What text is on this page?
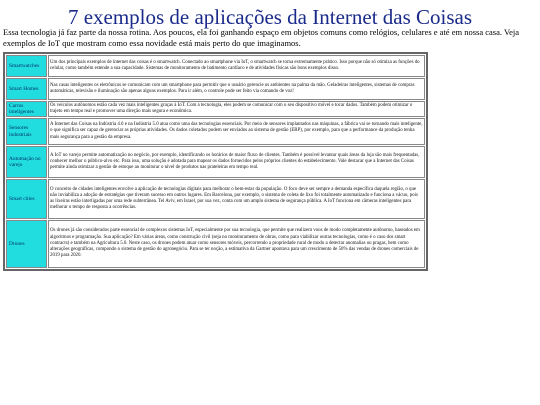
7 exemplos de aplicações da Internet das Coisas
Essa tecnologia já faz parte da nossa rotina. Aos poucos, ela foi ganhando espaço em objetos comuns como relógios, celulares e até em nossa casa. Veja exemplos de IoT que mostram como essa novidade está mais perto do que imaginamos.
Smartwatches	Um dos principais exemplos de internet das coisas é o smartwatch. Conectado ao smartphone via IoT, o smartwatch se torna extremamente prático. Isso porque não só otimiza as funções do celular, como também estende a sua capacidade. Sistemas de monitoramento de batimento cardíaco e de atividades físicas são bons exemplos disso.
Smart Homes	Nas casas inteligentes os eletrônicos se comunicam com um smartphone para permitir que o usuário gerencie os ambientes na palma da mão. Geladeiras inteligentes, sistemas de compras automáticas, televisão e iluminação são apenas alguns exemplos. Para ir além, o controle pode ser feito via comando de voz!
Carros inteligentes	Os veículos autônomos estão cada vez mais inteligentes graças à IoT. Com a tecnologia, eles podem se comunicar com o seu dispositivo móvel e tocar dados. Também podem otimizar o trajeto em tempo real e promover uma direção mais segura e econômica.
Sensores industriais	A Internet das Coisas na Indústria 4.0 e na Indústria 5.0 atua como uma das tecnologias essenciais. Por meio de sensores implantados nas máquinas, a fábrica vai se tornando mais inteligente, o que significa ser capaz de gerenciar as próprias atividades. Os dados coletados podem ser enviados ao sistema de gestão (ERP), por exemplo, para que a performance da produção tenha mais segurança para a gestão da empresa.
Automação no varejo	A IoT no varejo permite automatização no negócio, por exemplo, identificando os horários de maior fluxo de clientes. Também é possível levantar quais áreas da loja são mais frequentadas, conhecer melhor o público-alvo etc. Para isso, uma solução é adotada para mapear os dados fornecidos pelos próprios clientes do estabelecimento. Vale destacar que a Internet das Coisas permite ainda otimizar a gestão de estoque ao monitorar o nível de produtos nas prateleiras em tempo real.
Smart cities	O conceito de cidades inteligentes envolve a aplicação de tecnologias digitais para melhorar o bem-estar da população. O foco deve ser sempre a demanda específica daquela região, o que não inviabiliza a adoção de estratégias que tiveram sucesso em outros lugares. Em Barcelona, por exemplo, o sistema de coleta de lixo foi totalmente automatizado e funciona a vácuo, pois as lixeiras estão interligadas por uma rede subterrânea. Tel Aviv, em Israel, por sua vez, conta com um amplo sistema de segurança pública. A IoT funciona em câmeras inteligentes para melhorar o tempo de resposta a ocorrências.
Drones	Os drones já são considerados parte essencial de complexos sistemas IoT, especialmente por sua tecnologia, que permite que realizem voos de modo completamente autônomo, baseados em algoritmos e programação. Sua aplicação? Em várias áreas, como construção civil (seja no monitoramento de obras, como para viabilizar outras tecnologias, como é o caso dos smart contracts) e também na Agricultura 5.0. Neste caso, os drones podem atuar como sensores móveis, percorrendo a propriedade rural de modo a detectar anomalias ou pragas, bem como alterações geográficas, compondo o sistema de gestão do agronegócio. Para se ter noção, a estimativa da Gartner apontava para um crescimento de 50% das vendas de drones comerciais de 2019 para 2020.
